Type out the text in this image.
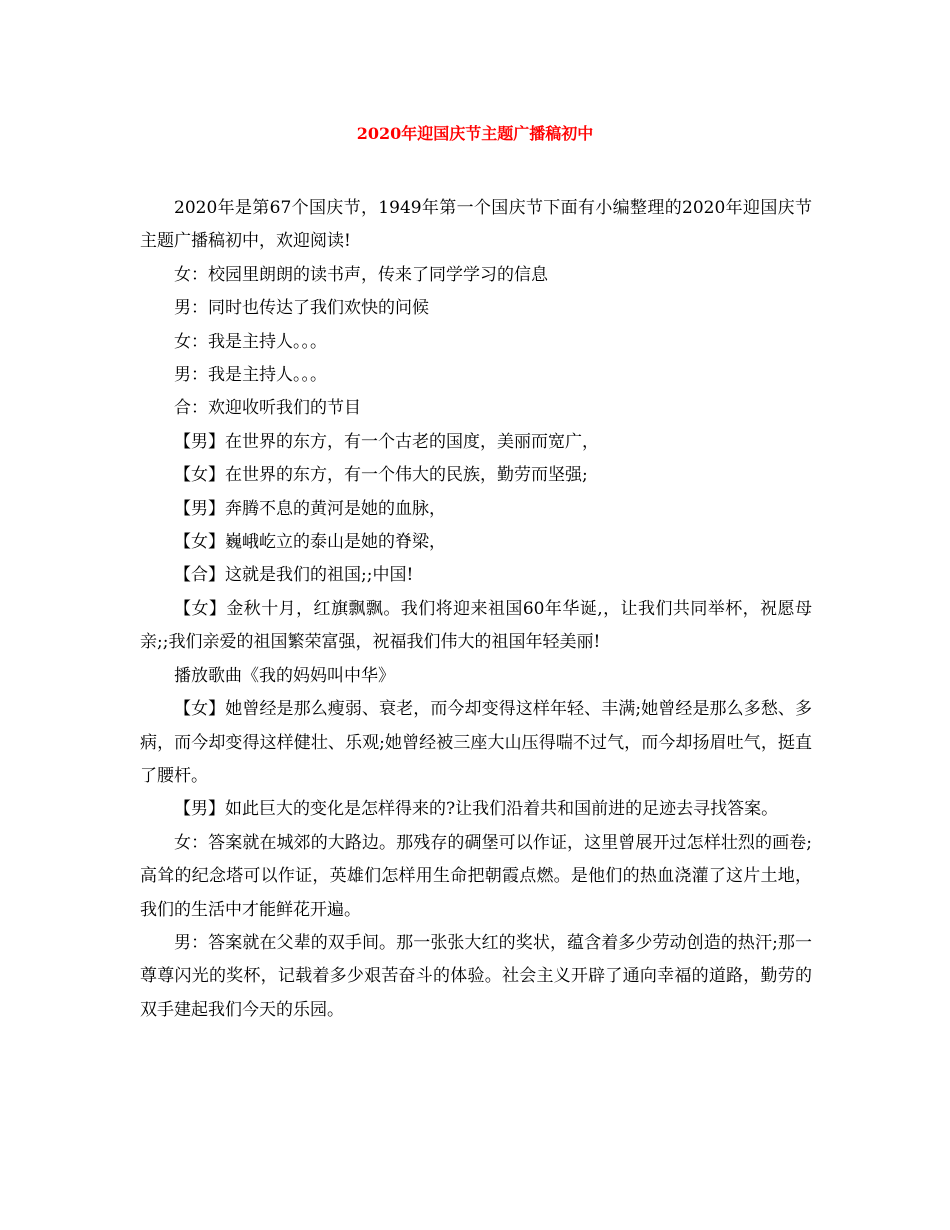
2020年迎国庆节主题广播稿初中

2020年是第67个国庆节，1949年第一个国庆节下面有小编整理的2020年迎国庆节主题广播稿初中，欢迎阅读!

女：校园里朗朗的读书声，传来了同学学习的信息

男：同时也传达了我们欢快的问候

女：我是主持人。。。

男：我是主持人。。。

合：欢迎收听我们的节目

【男】在世界的东方，有一个古老的国度，美丽而宽广，

【女】在世界的东方，有一个伟大的民族，勤劳而坚强;

【男】奔腾不息的黄河是她的血脉，

【女】巍峨屹立的泰山是她的脊梁，

【合】这就是我们的祖国;;中国!

【女】金秋十月，红旗飘飘。我们将迎来祖国60年华诞,，让我们共同举杯，祝愿母亲;;我们亲爱的祖国繁荣富强，祝福我们伟大的祖国年轻美丽!

播放歌曲《我的妈妈叫中华》

【女】她曾经是那么瘦弱、衰老，而今却变得这样年轻、丰满;她曾经是那么多愁、多病，而今却变得这样健壮、乐观;她曾经被三座大山压得喘不过气，而今却扬眉吐气，挺直了腰杆。

【男】如此巨大的变化是怎样得来的?让我们沿着共和国前进的足迹去寻找答案。

女：答案就在城郊的大路边。那残存的碉堡可以作证，这里曾展开过怎样壮烈的画卷;高耸的纪念塔可以作证，英雄们怎样用生命把朝霞点燃。是他们的热血浇灌了这片土地，我们的生活中才能鲜花开遍。

男：答案就在父辈的双手间。那一张张大红的奖状，蕴含着多少劳动创造的热汗;那一尊尊闪光的奖杯，记载着多少艰苦奋斗的体验。社会主义开辟了通向幸福的道路，勤劳的双手建起我们今天的乐园。
